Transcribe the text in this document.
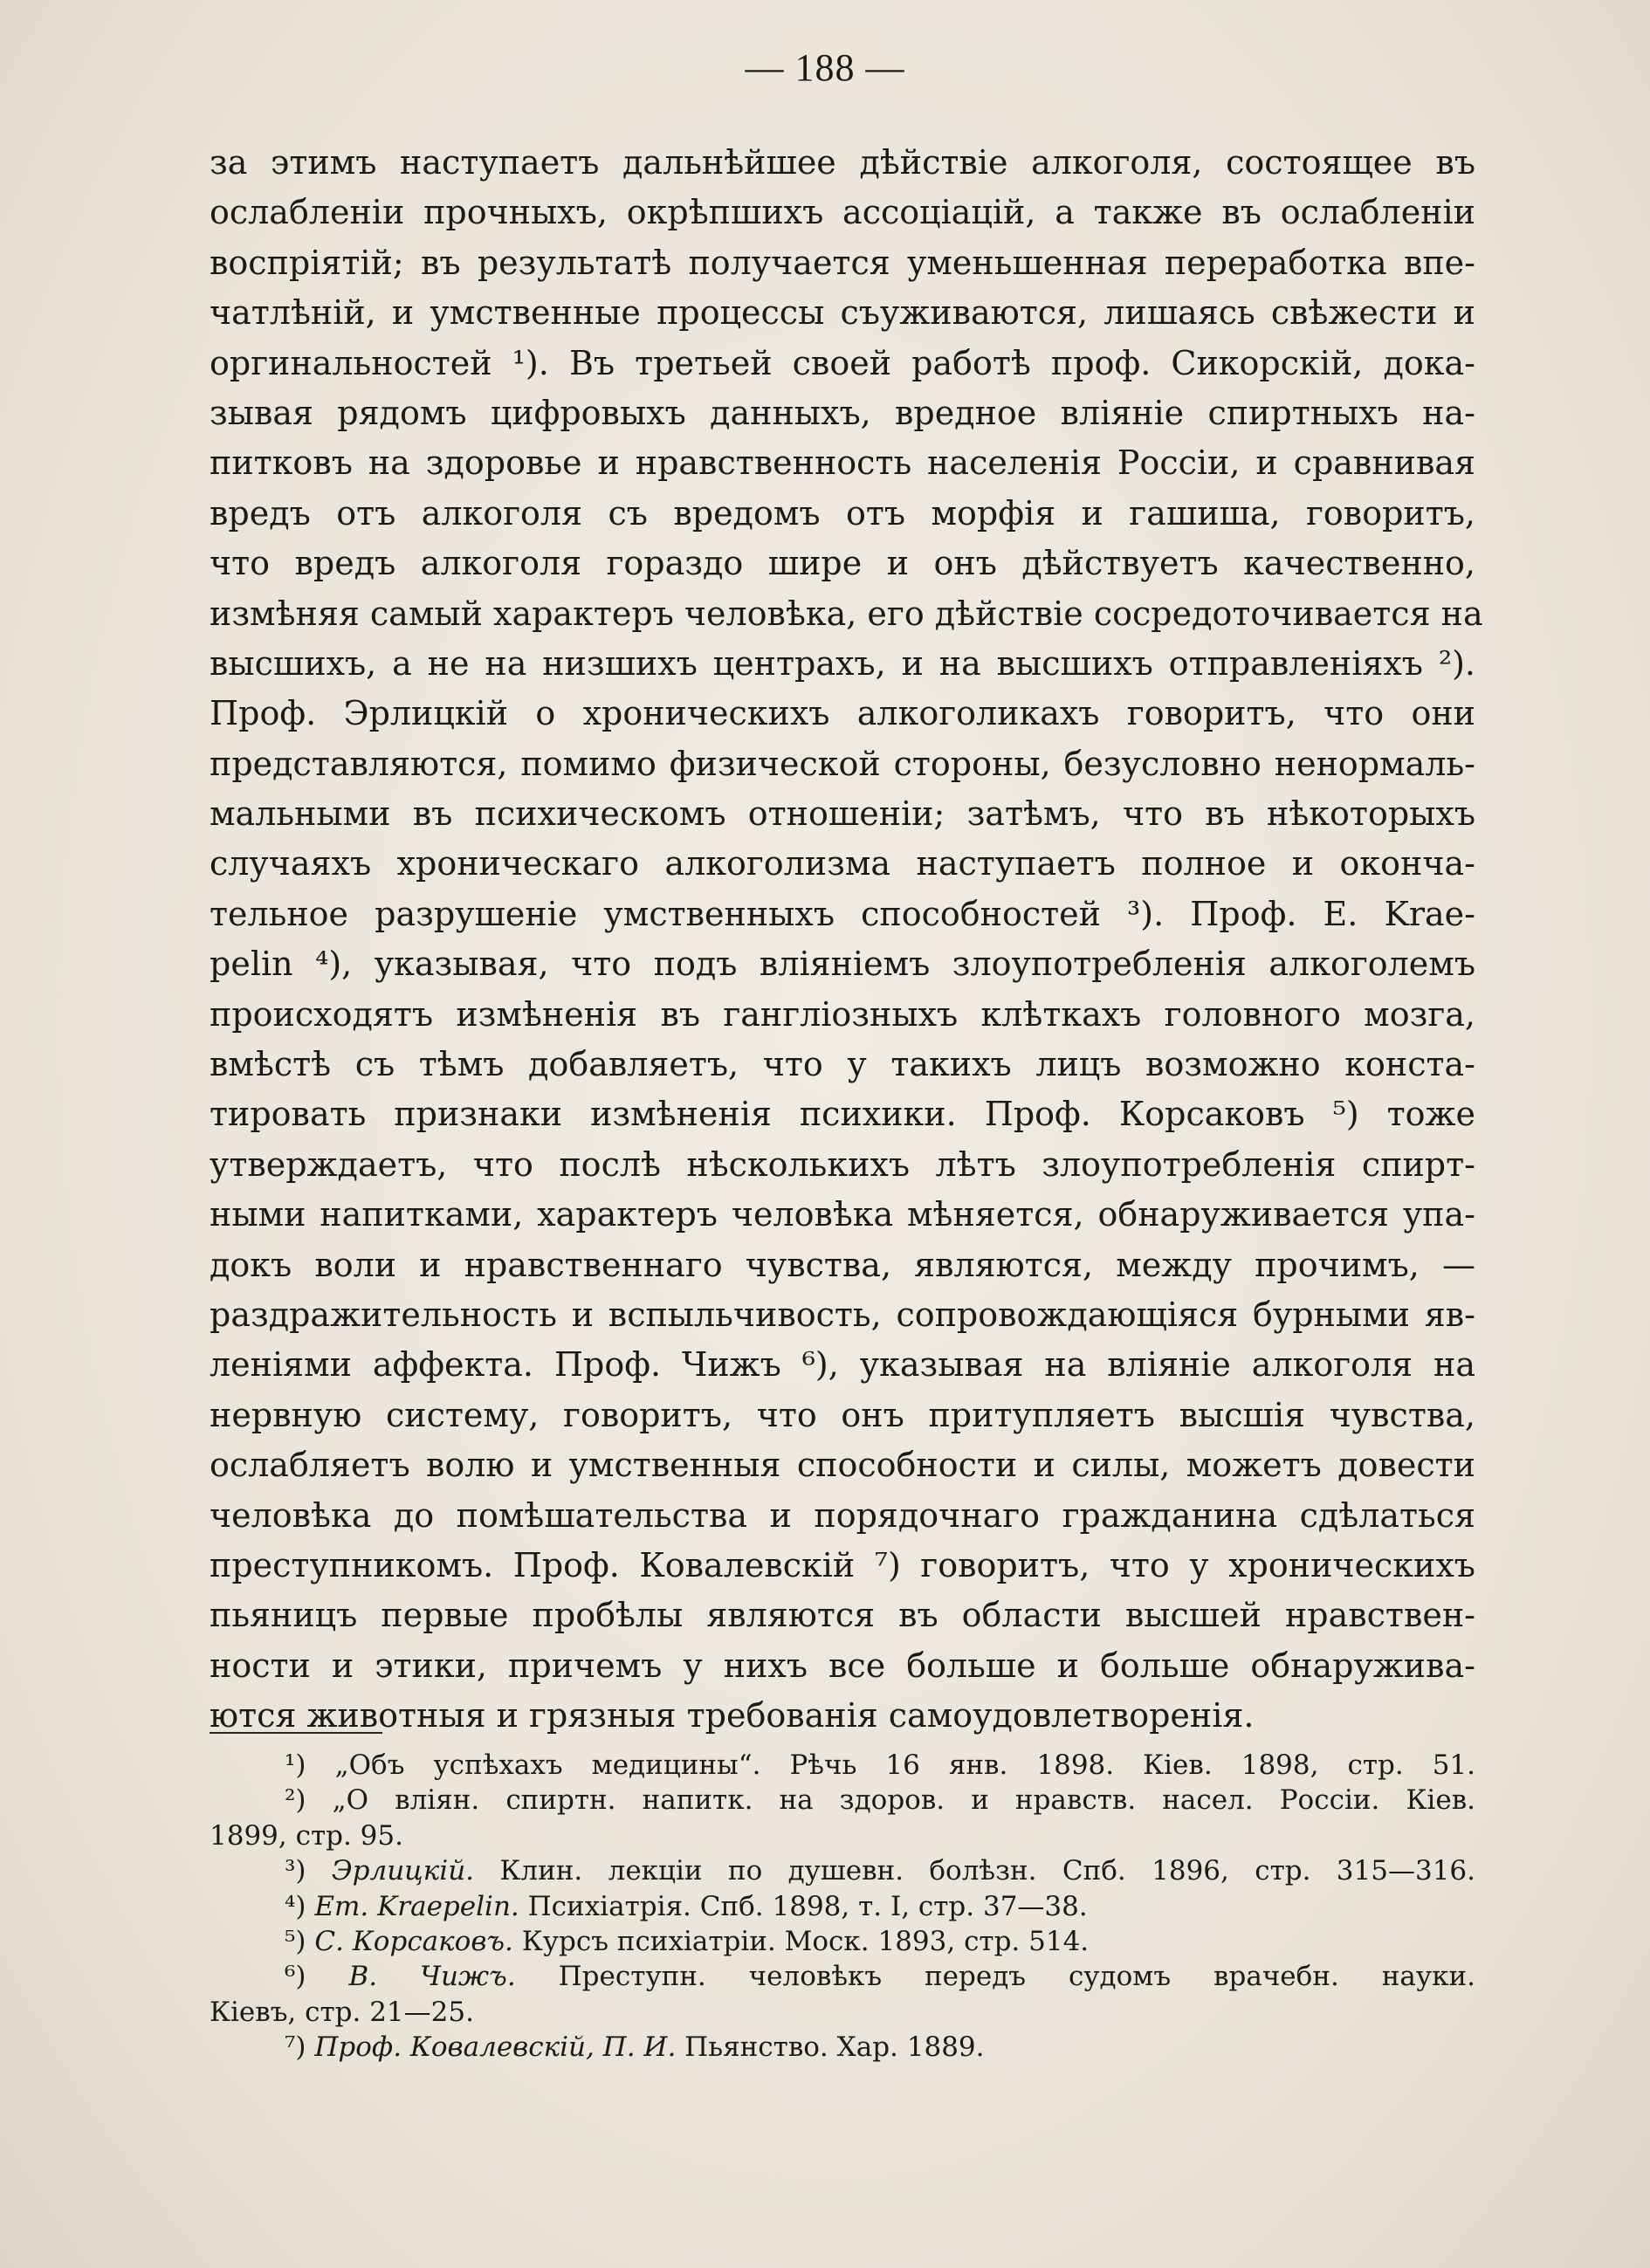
— 188 —
за этимъ наступаетъ дальнѣйшее дѣйствіе алкоголя, состоящее въ
ослабленіи прочныхъ, окрѣпшихъ ассоціацій, а также въ ослабленіи
воспріятій; въ результатѣ получается уменьшенная переработка впе-
чатлѣній, и умственные процессы съуживаются, лишаясь свѣжести и
оргинальностей ¹). Въ третьей своей работѣ проф. Сикорскій, дока-
зывая рядомъ цифровыхъ данныхъ, вредное вліяніе спиртныхъ на-
питковъ на здоровье и нравственность населенія Россіи, и сравнивая
вредъ отъ алкоголя съ вредомъ отъ морфія и гашиша, говоритъ,
что вредъ алкоголя гораздо шире и онъ дѣйствуетъ качественно,
измѣняя самый характеръ человѣка, его дѣйствіе сосредоточивается на
высшихъ, а не на низшихъ центрахъ, и на высшихъ отправленіяхъ ²).
Проф. Эрлицкій о хроническихъ алкоголикахъ говоритъ, что они
представляются, помимо физической стороны, безусловно ненормаль-
мальными въ психическомъ отношеніи; затѣмъ, что въ нѣкоторыхъ
случаяхъ хроническаго алкоголизма наступаетъ полное и оконча-
тельное разрушеніе умственныхъ способностей ³). Проф. E. Krae-
pelin ⁴), указывая, что подъ вліяніемъ злоупотребленія алкоголемъ
происходятъ измѣненія въ гангліозныхъ клѣткахъ головного мозга,
вмѣстѣ съ тѣмъ добавляетъ, что у такихъ лицъ возможно конста-
тировать признаки измѣненія психики. Проф. Корсаковъ ⁵) тоже
утверждаетъ, что послѣ нѣсколькихъ лѣтъ злоупотребленія спирт-
ными напитками, характеръ человѣка мѣняется, обнаруживается упа-
докъ воли и нравственнаго чувства, являются, между прочимъ, —
раздражительность и вспыльчивость, сопровождающіяся бурными яв-
леніями аффекта. Проф. Чижъ ⁶), указывая на вліяніе алкоголя на
нервную систему, говоритъ, что онъ притупляетъ высшія чувства,
ослабляетъ волю и умственныя способности и силы, можетъ довести
человѣка до помѣшательства и порядочнаго гражданина сдѣлаться
преступникомъ. Проф. Ковалевскій ⁷) говоритъ, что у хроническихъ
пьяницъ первые пробѣлы являются въ области высшей нравствен-
ности и этики, причемъ у нихъ все больше и больше обнаружива-
ются животныя и грязныя требованія самоудовлетворенія.
¹) „Объ успѣхахъ медицины“. Рѣчь 16 янв. 1898. Кіев. 1898, стр. 51.
²) „О вліян. спиртн. напитк. на здоров. и нравств. насел. Россіи. Кіев.
1899, стр. 95.
³) Эрлицкій. Клин. лекціи по душевн. болѣзн. Спб. 1896, стр. 315—316.
⁴) Em. Kraepelin. Психіатрія. Спб. 1898, т. I, стр. 37—38.
⁵) С. Корсаковъ. Курсъ психіатріи. Моск. 1893, стр. 514.
⁶) В. Чижъ. Преступн. человѣкъ передъ судомъ врачебн. науки.
Кіевъ, стр. 21—25.
⁷) Проф. Ковалевскій, П. И. Пьянство. Хар. 1889.
